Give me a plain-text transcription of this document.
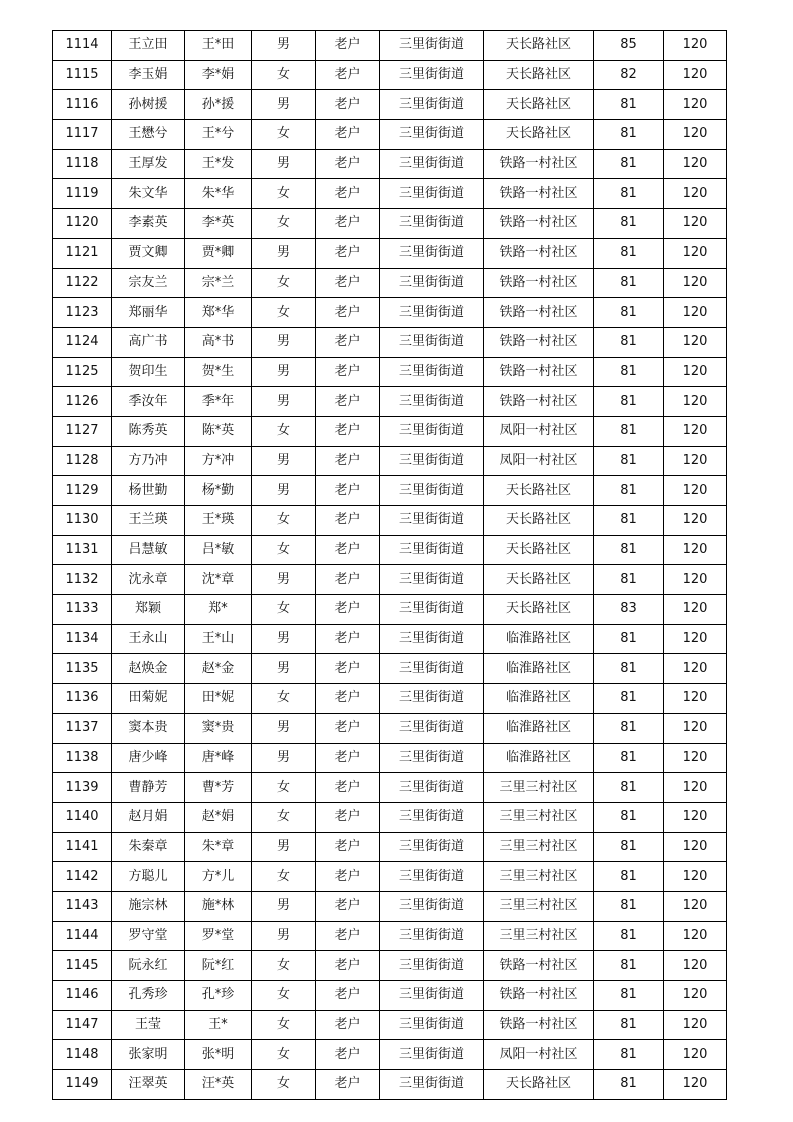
1114	王立田	王*田	男	老户	三里街街道	天长路社区	85	120
1115	李玉娟	李*娟	女	老户	三里街街道	天长路社区	82	120
1116	孙树援	孙*援	男	老户	三里街街道	天长路社区	81	120
1117	王懋兮	王*兮	女	老户	三里街街道	天长路社区	81	120
1118	王厚发	王*发	男	老户	三里街街道	铁路一村社区	81	120
1119	朱文华	朱*华	女	老户	三里街街道	铁路一村社区	81	120
1120	李素英	李*英	女	老户	三里街街道	铁路一村社区	81	120
1121	贾文卿	贾*卿	男	老户	三里街街道	铁路一村社区	81	120
1122	宗友兰	宗*兰	女	老户	三里街街道	铁路一村社区	81	120
1123	郑丽华	郑*华	女	老户	三里街街道	铁路一村社区	81	120
1124	高广书	高*书	男	老户	三里街街道	铁路一村社区	81	120
1125	贺印生	贺*生	男	老户	三里街街道	铁路一村社区	81	120
1126	季汝年	季*年	男	老户	三里街街道	铁路一村社区	81	120
1127	陈秀英	陈*英	女	老户	三里街街道	凤阳一村社区	81	120
1128	方乃冲	方*冲	男	老户	三里街街道	凤阳一村社区	81	120
1129	杨世勤	杨*勤	男	老户	三里街街道	天长路社区	81	120
1130	王兰瑛	王*瑛	女	老户	三里街街道	天长路社区	81	120
1131	吕慧敏	吕*敏	女	老户	三里街街道	天长路社区	81	120
1132	沈永章	沈*章	男	老户	三里街街道	天长路社区	81	120
1133	郑颖	郑*	女	老户	三里街街道	天长路社区	83	120
1134	王永山	王*山	男	老户	三里街街道	临淮路社区	81	120
1135	赵焕金	赵*金	男	老户	三里街街道	临淮路社区	81	120
1136	田菊妮	田*妮	女	老户	三里街街道	临淮路社区	81	120
1137	窦本贵	窦*贵	男	老户	三里街街道	临淮路社区	81	120
1138	唐少峰	唐*峰	男	老户	三里街街道	临淮路社区	81	120
1139	曹静芳	曹*芳	女	老户	三里街街道	三里三村社区	81	120
1140	赵月娟	赵*娟	女	老户	三里街街道	三里三村社区	81	120
1141	朱秦章	朱*章	男	老户	三里街街道	三里三村社区	81	120
1142	方聪儿	方*儿	女	老户	三里街街道	三里三村社区	81	120
1143	施宗林	施*林	男	老户	三里街街道	三里三村社区	81	120
1144	罗守堂	罗*堂	男	老户	三里街街道	三里三村社区	81	120
1145	阮永红	阮*红	女	老户	三里街街道	铁路一村社区	81	120
1146	孔秀珍	孔*珍	女	老户	三里街街道	铁路一村社区	81	120
1147	王莹	王*	女	老户	三里街街道	铁路一村社区	81	120
1148	张家明	张*明	女	老户	三里街街道	凤阳一村社区	81	120
1149	汪翠英	汪*英	女	老户	三里街街道	天长路社区	81	120
